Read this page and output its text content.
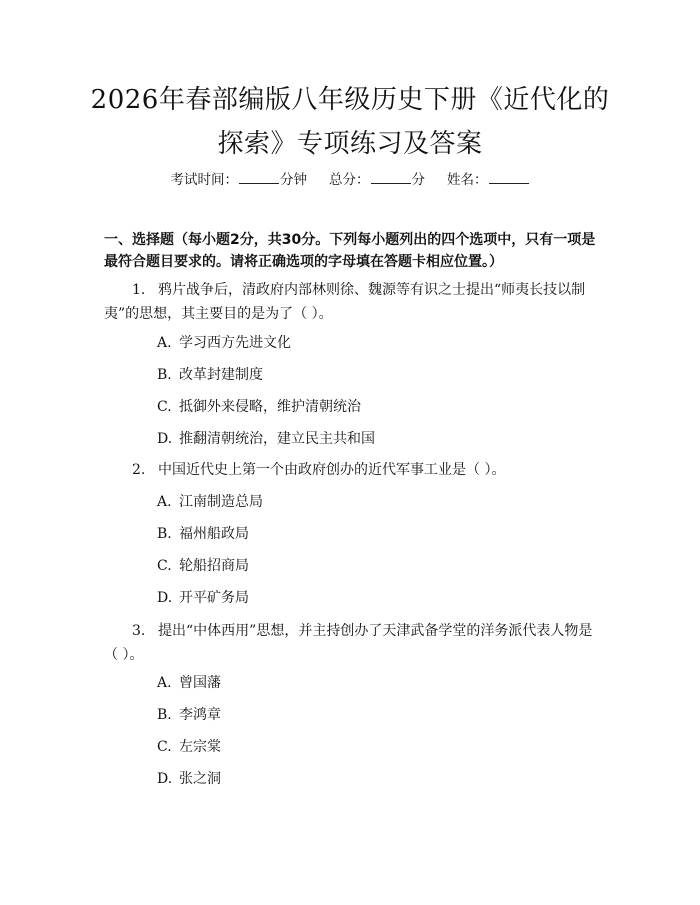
2026年春部编版八年级历史下册《近代化的
探索》专项练习及答案
考试时间：	分钟 总分：	分 姓名：
一、选择题（每小题2分，共30分。下列每小题列出的四个选项中，只有一项是最符合题目要求的。请将正确选项的字母填在答题卡相应位置。）
1. 鸦片战争后，清政府内部林则徐、魏源等有识之士提出“师夷长技以制夷”的思想，其主要目的是为了（ ）。
A. 学习西方先进文化
B. 改革封建制度
C. 抵御外来侵略，维护清朝统治
D. 推翻清朝统治，建立民主共和国
2. 中国近代史上第一个由政府创办的近代军事工业是（ ）。
A. 江南制造总局
B. 福州船政局
C. 轮船招商局
D. 开平矿务局
3. 提出“中体西用”思想，并主持创办了天津武备学堂的洋务派代表人物是（ ）。
A. 曾国藩
B. 李鸿章
C. 左宗棠
D. 张之洞
